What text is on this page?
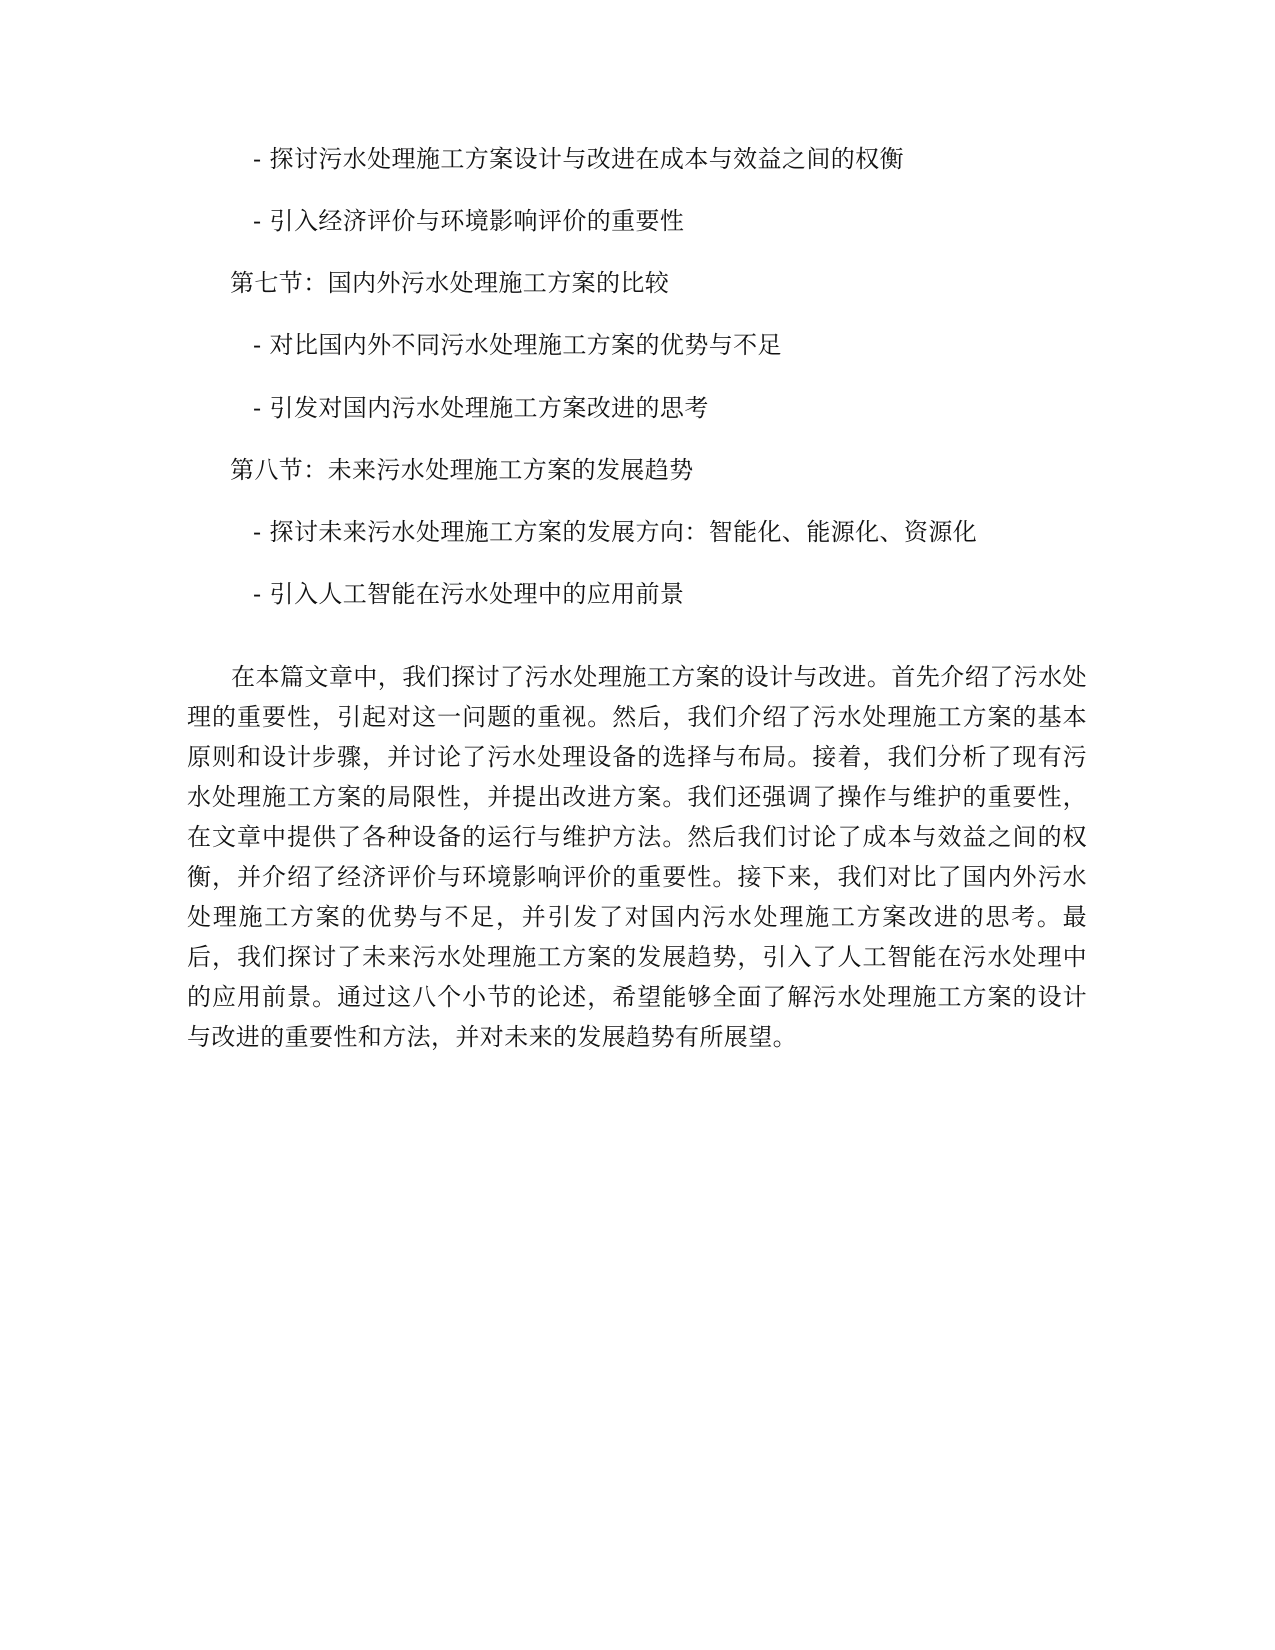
- 探讨污水处理施工方案设计与改进在成本与效益之间的权衡
- 引入经济评价与环境影响评价的重要性
第七节：国内外污水处理施工方案的比较
- 对比国内外不同污水处理施工方案的优势与不足
- 引发对国内污水处理施工方案改进的思考
第八节：未来污水处理施工方案的发展趋势
- 探讨未来污水处理施工方案的发展方向：智能化、能源化、资源化
- 引入人工智能在污水处理中的应用前景
在本篇文章中，我们探讨了污水处理施工方案的设计与改进。首先介绍了污水处理的重要性，引起对这一问题的重视。然后，我们介绍了污水处理施工方案的基本原则和设计步骤，并讨论了污水处理设备的选择与布局。接着，我们分析了现有污水处理施工方案的局限性，并提出改进方案。我们还强调了操作与维护的重要性，在文章中提供了各种设备的运行与维护方法。然后我们讨论了成本与效益之间的权衡，并介绍了经济评价与环境影响评价的重要性。接下来，我们对比了国内外污水处理施工方案的优势与不足，并引发了对国内污水处理施工方案改进的思考。最后，我们探讨了未来污水处理施工方案的发展趋势，引入了人工智能在污水处理中的应用前景。通过这八个小节的论述，希望能够全面了解污水处理施工方案的设计与改进的重要性和方法，并对未来的发展趋势有所展望。
